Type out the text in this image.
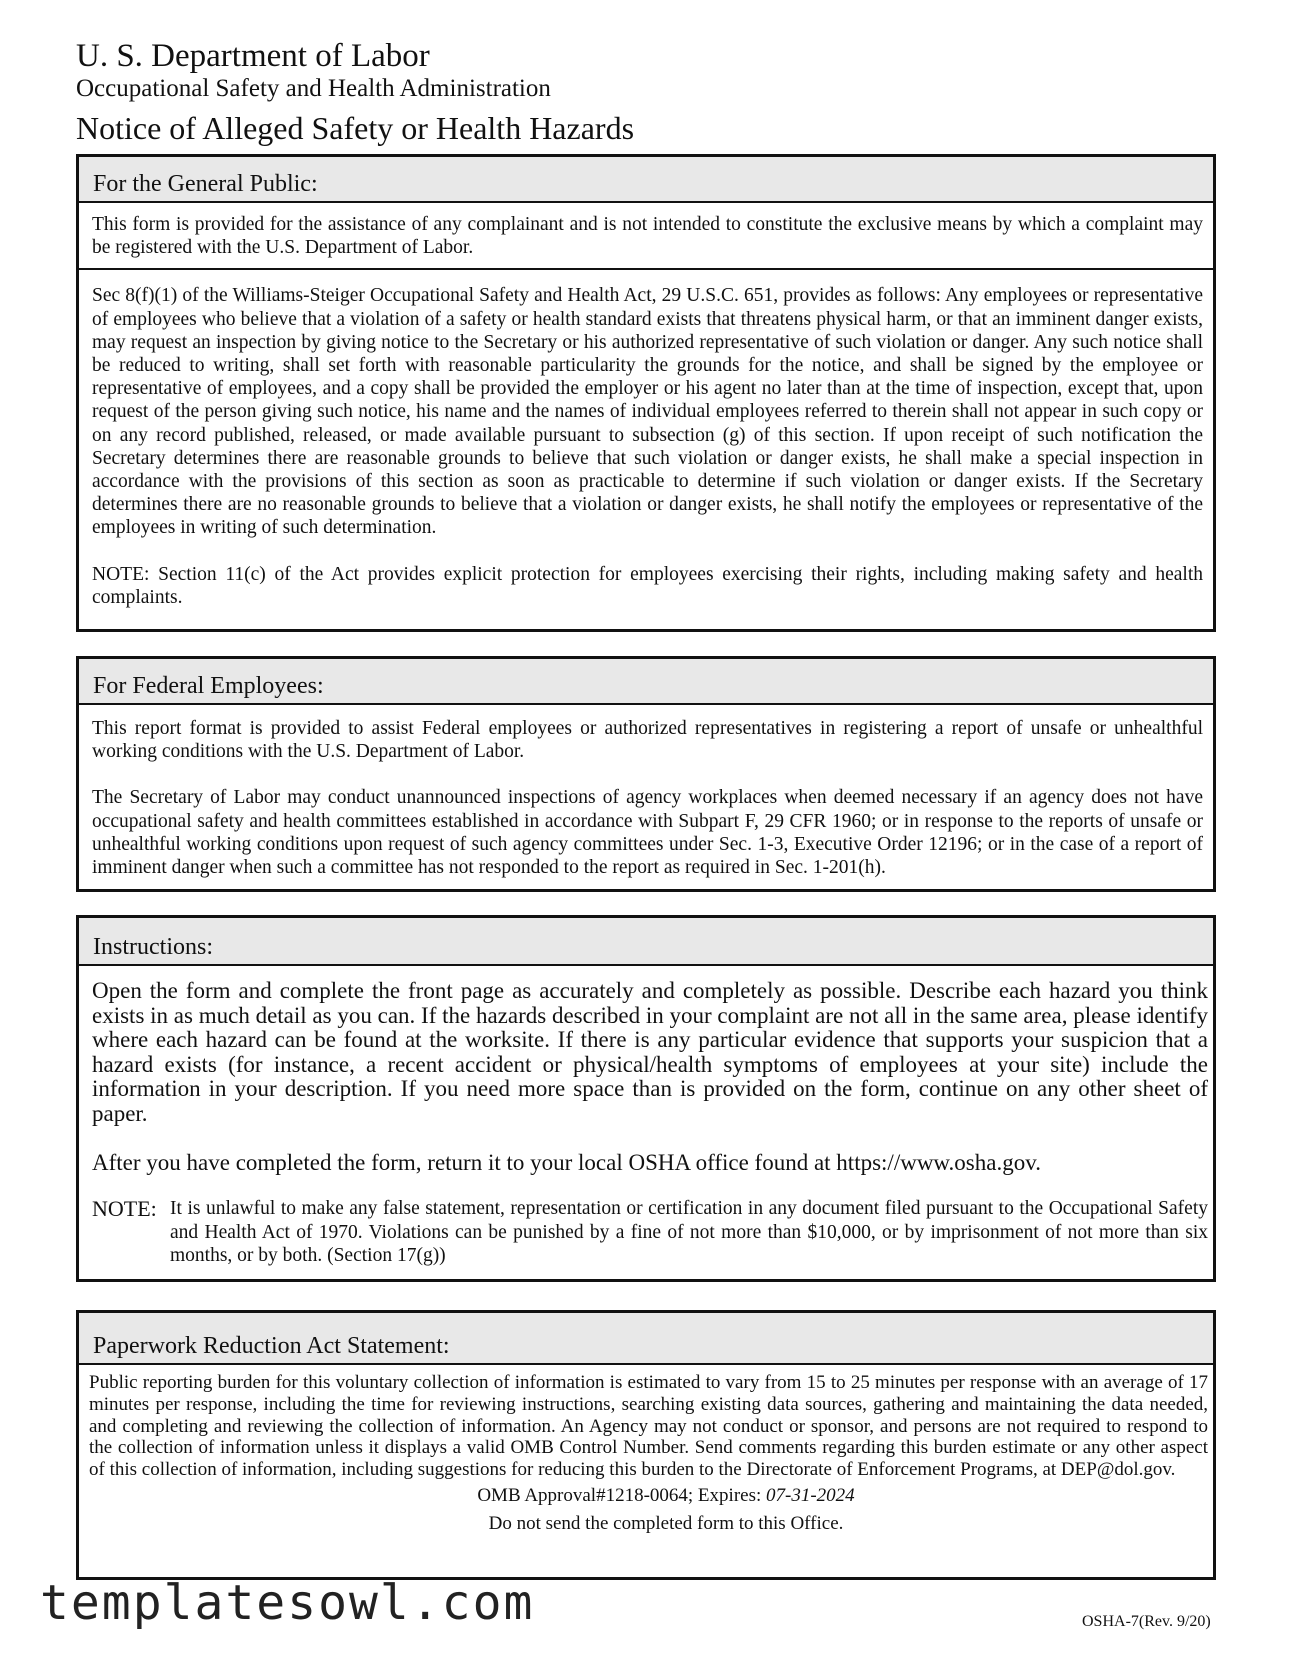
U. S. Department of Labor
Occupational Safety and Health Administration
Notice of Alleged Safety or Health Hazards
For the General Public:

This form is provided for the assistance of any complainant and is not intended to constitute the exclusive means by which a complaint may be registered with the U.S. Department of Labor.

Sec 8(f)(1) of the Williams-Steiger Occupational Safety and Health Act, 29 U.S.C. 651, provides as follows: Any employees or representative of employees who believe that a violation of a safety or health standard exists that threatens physical harm, or that an imminent danger exists, may request an inspection by giving notice to the Secretary or his authorized representative of such violation or danger. Any such notice shall be reduced to writing, shall set forth with reasonable particularity the grounds for the notice, and shall be signed by the employee or representative of employees, and a copy shall be provided the employer or his agent no later than at the time of inspection, except that, upon request of the person giving such notice, his name and the names of individual employees referred to therein shall not appear in such copy or on any record published, released, or made available pursuant to subsection (g) of this section. If upon receipt of such notification the Secretary determines there are reasonable grounds to believe that such violation or danger exists, he shall make a special inspection in accordance with the provisions of this section as soon as practicable to determine if such violation or danger exists. If the Secretary determines there are no reasonable grounds to believe that a violation or danger exists, he shall notify the employees or representative of the employees in writing of such determination.

NOTE: Section 11(c) of the Act provides explicit protection for employees exercising their rights, including making safety and health complaints.

For Federal Employees:

This report format is provided to assist Federal employees or authorized representatives in registering a report of unsafe or unhealthful working conditions with the U.S. Department of Labor.

The Secretary of Labor may conduct unannounced inspections of agency workplaces when deemed necessary if an agency does not have occupational safety and health committees established in accordance with Subpart F, 29 CFR 1960; or in response to the reports of unsafe or unhealthful working conditions upon request of such agency committees under Sec. 1-3, Executive Order 12196; or in the case of a report of imminent danger when such a committee has not responded to the report as required in Sec. 1-201(h).

Instructions:

Open the form and complete the front page as accurately and completely as possible. Describe each hazard you think exists in as much detail as you can. If the hazards described in your complaint are not all in the same area, please identify where each hazard can be found at the worksite. If there is any particular evidence that supports your suspicion that a hazard exists (for instance, a recent accident or physical/health symptoms of employees at your site) include the information in your description. If you need more space than is provided on the form, continue on any other sheet of paper.

After you have completed the form, return it to your local OSHA office found at https://www.osha.gov.

NOTE: It is unlawful to make any false statement, representation or certification in any document filed pursuant to the Occupational Safety and Health Act of 1970. Violations can be punished by a fine of not more than $10,000, or by imprisonment of not more than six months, or by both. (Section 17(g))

Paperwork Reduction Act Statement:

Public reporting burden for this voluntary collection of information is estimated to vary from 15 to 25 minutes per response with an average of 17 minutes per response, including the time for reviewing instructions, searching existing data sources, gathering and maintaining the data needed, and completing and reviewing the collection of information. An Agency may not conduct or sponsor, and persons are not required to respond to the collection of information unless it displays a valid OMB Control Number. Send comments regarding this burden estimate or any other aspect of this collection of information, including suggestions for reducing this burden to the Directorate of Enforcement Programs, at DEP@dol.gov.

OMB Approval#1218-0064; Expires: 07-31-2024

Do not send the completed form to this Office.

templatesowl.com	OSHA-7(Rev. 9/20)
